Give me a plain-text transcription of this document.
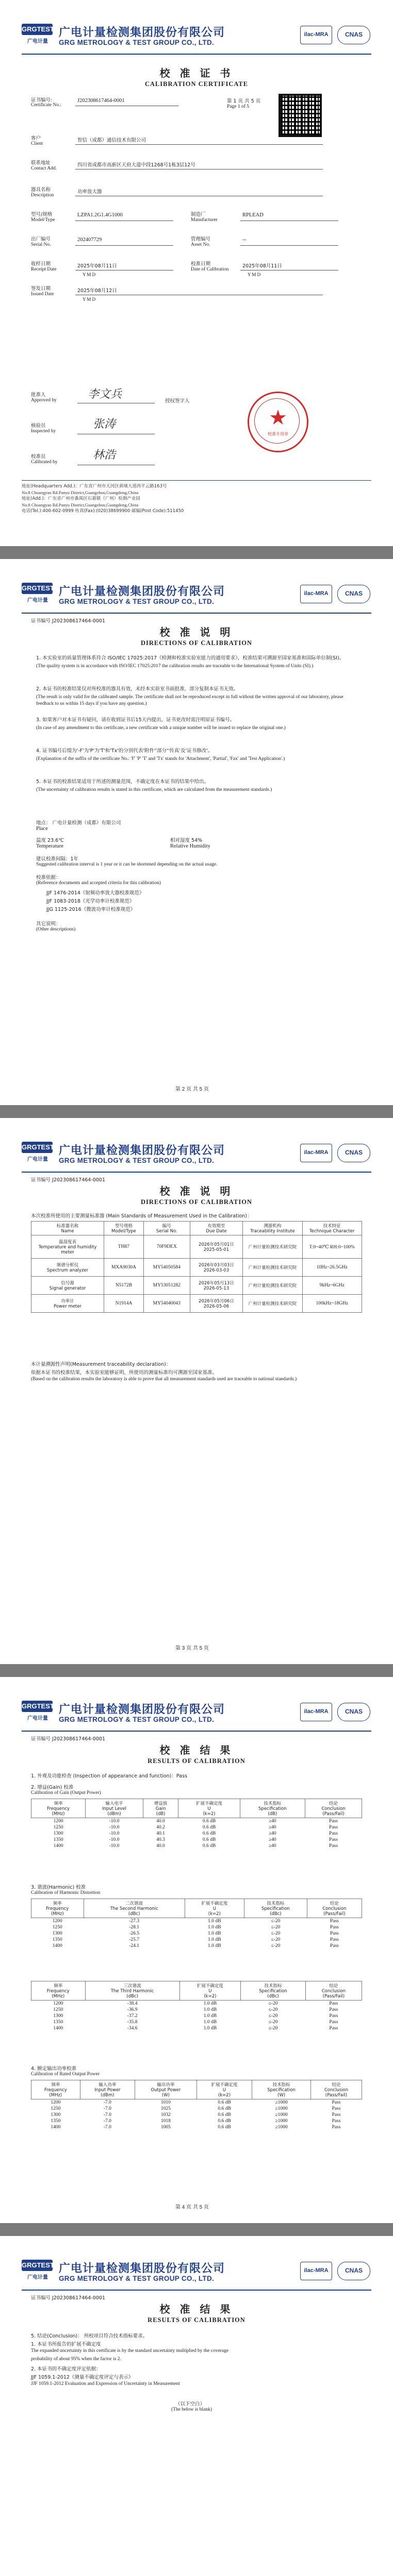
GRGTEST
广电计量
广电计量检测集团股份有限公司
GRG METROLOGY & TEST GROUP CO., LTD.
ilac-MRA	CNAS
校 准 证 书
CALIBRATION CERTIFICATE
证书编号:
Certificate No.:
J202308617464-0001	第 1 页 共 5 页
Page 1 of 5
客户
Client
智信（成都）通信技术有限公司
联系地址
Contact Add.
四川省成都市高新区天府大道中段1268号1栋3层12号
器具名称
Description
功率放大器
型号/规格
Model/Type
LZPA1.2G1.4G1000	制造厂
Manufacturer
RPLEAD
出厂编号
Serial No.
202407729	管理编号
Asset No.
--
收样日期
Receipt Date
2025年08月11日	校准日期
Date of Calibration
2025年08月11日
Y M D	Y M D
签发日期
Issued Date
2025年08月12日
Y M D
批准人
Approved by	李文兵
授权签字人
核验员
Inspected by
张涛
校准员
Calibrated by
林浩
★
校准专用章
地址(Headquarters Add.)：广东省广州市天河区黄埔大道西平云路163号
No.8 Chuangyao Rd.Panyu District,Guangzhou,Guangdong,China
地址(Add.)：广东省广州市番禺区石碁镇（广州）检测产业园
No.8 Chuangyao Rd.Panyu District,Guangzhou,Guangdong,China
电话(Tel.):400-602-0999 传真(Fax):(020)38699900 邮编(Post Code):511450
GRGTEST
广电计量
广电计量检测集团股份有限公司
GRG METROLOGY & TEST GROUP CO., LTD.
ilac-MRA	CNAS
证书编号 J202308617464-0001
校 准 说 明
DIRECTIONS OF CALIBRATION
1. 本实验室的质量管理体系符合 ISO/IEC 17025:2017《检测和校准实验室能力的通用要求》，校准结果可溯源至国家基准和国际单位制(SI)。
(The quality system is in accordance with ISO/IEC 17025:2017 the calibration results are traceable to the International System of Units (SI).)
2. 本证书的校准结果仅对所校准的器具有效，未经本实验室书面批准，部分复制本证书无效。
(The result is only valid for the calibrated sample. The certificate shall not be reproduced except in full without the written approval of our laboratory, please feedback to us within 15 days if you have any question.)
3. 如果客户对本证书有疑问，请在收到证书后15天内提出，证书更改时需注明原证书编号。
(In case of any amendment to this certificate, a new certificate with a unique number will be issued to replace the original one.)
4. 证书编号后缀为'-F'为'P'为'T'和'Tx'的分别代表'附件''部分''传真'及'证书修改'。
(Explanation of the suffix of the certificate No.: 'F' 'P' 'T' and 'Tx' stands for 'Attachment', 'Partial', 'Fax' and 'Test Application'.)
5. 本证书的校准结果适用于所述的测量范围，不确定度在本证书的结果中给出。
(The uncertainty of calibration results is stated in this certificate, which are calculated from the measurement standards.)
地点： 广电计量检测（成都）有限公司
Place
温度 23.6℃
Temperature
相对湿度 54%
Relative Humidity
建议校准间隔：1年
Suggested calibration interval is 1 year or it can be shortened depending on the actual usage.
校准依据：
(Reference documents and accepted criteria for this calibration)
JJF 1476-2014《射频功率放大器校准规范》
JJF 1083-2018《光学功率计校准规范》
JJG 1125-2016《微波功率计校准规范》
其它说明：
(Other descriptions)
第 2 页 共 5 页
GRGTEST
广电计量
广电计量检测集团股份有限公司
GRG METROLOGY & TEST GROUP CO., LTD.
ilac-MRA	CNAS
证书编号 J202308617464-0001
校 准 说 明
DIRECTIONS OF CALIBRATION
本次校准所使用的主要测量标准器 (Main Standards of Measurement Used in the Calibration)：
标准器名称
Name	型号规格
Model/Type	编号
Serial No.	有效期至
Due Date	溯源机构
Traceability Institute	技术特征
Technique Character
温湿度表
Temperature and humidity meter	TH87	70F9DEX	2026年05月01日
2025-05-01	广州计量检测技术研究院	T:0~40℃ RH:0~100%
频谱分析仪
Spectrum analyzer	MXA9030A	MY54050584	2026年03月03日
2026-03-03	广州计量检测技术研究院	10Hz~26.5GHz
信号源
Signal generator	N5172B	MY53051282	2026年05月13日
2026-05-13	广州计量检测技术研究院	9kHz~6GHz
功率计
Power meter	N1914A	MY54040043	2026年05月06日
2026-05-06	广州计量检测技术研究院	100kHz~18GHz
本计量溯源性声明(Measurement traceability declaration)：
依据本证书的校准结果，本实验室能够证明，所使用的测量标准均可溯源至国家基准。
(Based on the calibration results the laboratory is able to prove that all measurement standards used are traceable to national standards.)
第 3 页 共 5 页
GRGTEST
广电计量
广电计量检测集团股份有限公司
GRG METROLOGY & TEST GROUP CO., LTD.
ilac-MRA	CNAS
证书编号 J202308617464-0001
校 准 结 果
RESULTS OF CALIBRATION
1. 外观及功能检查 (Inspection of appearance and function)：Pass
2. 增益(Gain) 校准
Calibration of Gain (Output Power)
频率
Frequency
(MHz)	输入电平
Input Level
(dBm)	增益值
Gain
(dB)	扩展不确定度
U
(k=2)	技术指标
Specification
(dB)	结论
Conclusion
(Pass/Fail)
1200	-10.0	40.0	0.6 dB	≥40	Pass
1250	-10.0	40.2	0.6 dB	≥40	Pass
1300	-10.0	40.1	0.6 dB	≥40	Pass
1350	-10.0	40.3	0.6 dB	≥40	Pass
1400	-10.0	40.0	0.6 dB	≥40	Pass
3. 谐波(Harmonic) 校准
Calibration of Harmonic Distortion
频率
Frequency
(MHz)	二次谐波
The Second Harmonic
(dBc)	扩展不确定度
U
(k=2)	技术指标
Specification
(dBc)	结论
Conclusion
(Pass/Fail)
1200	-27.3	1.0 dB	≤-20	Pass
1250	-28.1	1.0 dB	≤-20	Pass
1300	-26.5	1.0 dB	≤-20	Pass
1350	-25.7	1.0 dB	≤-20	Pass
1400	-24.1	1.0 dB	≤-20	Pass
频率
Frequency
(MHz)	三次谐波
The Third Harmonic
(dBc)	扩展不确定度
U
(k=2)	技术指标
Specification
(dBc)	结论
Conclusion
(Pass/Fail)
1200	-38.4	1.0 dB	≤-20	Pass
1250	-36.9	1.0 dB	≤-20	Pass
1300	-37.2	1.0 dB	≤-20	Pass
1350	-35.8	1.0 dB	≤-20	Pass
1400	-34.6	1.0 dB	≤-20	Pass
4. 额定输出功率校准
Calibration of Rated Output Power
频率
Frequency
(MHz)	输入功率
Input Power
(dBm)	输出功率
Output Power
(W)	扩展不确定度
U
(k=2)	技术指标
Specification
(W)	结论
Conclusion
(Pass/Fail)
1200	-7.0	1010	0.6 dB	≥1000	Pass
1250	-7.0	1025	0.6 dB	≥1000	Pass
1300	-7.0	1032	0.6 dB	≥1000	Pass
1350	-7.0	1018	0.6 dB	≥1000	Pass
1400	-7.0	1005	0.6 dB	≥1000	Pass
第 4 页 共 5 页
GRGTEST
广电计量
广电计量检测集团股份有限公司
GRG METROLOGY & TEST GROUP CO., LTD.
ilac-MRA	CNAS
证书编号 J202308617464-0001
校 准 结 果
RESULTS OF CALIBRATION
5. 结论(Conclusion)： 所校项目符合技术指标要求。
1. 本证书所报告的扩展不确定度
The expanded uncertainty in this certificate is by the standard uncertainty multiplied by the coverage
probability of about 95% when the factor is 2.
2. 本证书的不确定度评定依据：
JJF 1059.1-2012《测量不确定度评定与表示》
JJF 1059.1-2012 Evaluation and Expression of Uncertainty in Measurement
（以下空白）
(The below is blank)
